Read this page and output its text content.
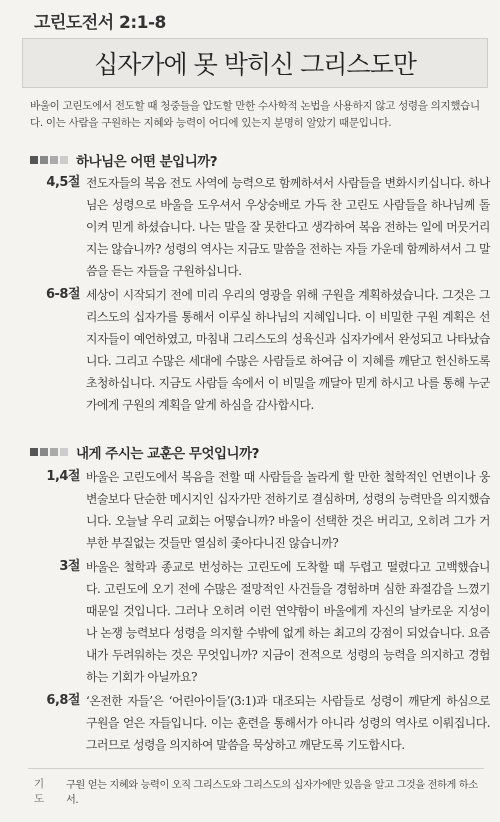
고린도전서 2:1-8
십자가에 못 박히신 그리스도만
바울이 고린도에서 전도할 때 청중들을 압도할 만한 수사학적 논법을 사용하지 않고 성령을 의지했습니다. 이는 사람을 구원하는 지혜와 능력이 어디에 있는지 분명히 알았기 때문입니다.
하나님은 어떤 분입니까?
4,5절 전도자들의 복음 전도 사역에 능력으로 함께하셔서 사람들을 변화시키십니다. 하나님은 성령으로 바울을 도우셔서 우상숭배로 가득 찬 고린도 사람들을 하나님께 돌이켜 믿게 하셨습니다. 나는 말을 잘 못한다고 생각하여 복음 전하는 일에 머뭇거리지는 않습니까? 성령의 역사는 지금도 말씀을 전하는 자들 가운데 함께하셔서 그 말씀을 듣는 자들을 구원하십니다.
6-8절 세상이 시작되기 전에 미리 우리의 영광을 위해 구원을 계획하셨습니다. 그것은 그리스도의 십자가를 통해서 이루실 하나님의 지혜입니다. 이 비밀한 구원 계획은 선지자들이 예언하였고, 마침내 그리스도의 성육신과 십자가에서 완성되고 나타났습니다. 그리고 수많은 세대에 수많은 사람들로 하여금 이 지혜를 깨닫고 헌신하도록 초청하십니다. 지금도 사람들 속에서 이 비밀을 깨달아 믿게 하시고 나를 통해 누군가에게 구원의 계획을 알게 하심을 감사합시다.
내게 주시는 교훈은 무엇입니까?
1,4절 바울은 고린도에서 복음을 전할 때 사람들을 놀라게 할 만한 철학적인 언변이나 웅변술보다 단순한 메시지인 십자가만 전하기로 결심하며, 성령의 능력만을 의지했습니다. 오늘날 우리 교회는 어떻습니까? 바울이 선택한 것은 버리고, 오히려 그가 거부한 부질없는 것들만 열심히 좇아다니진 않습니까?
3절 바울은 철학과 종교로 번성하는 고린도에 도착할 때 두렵고 떨렸다고 고백했습니다. 고린도에 오기 전에 수많은 절망적인 사건들을 경험하며 심한 좌절감을 느꼈기 때문일 것입니다. 그러나 오히려 이런 연약함이 바울에게 자신의 날카로운 지성이나 논쟁 능력보다 성령을 의지할 수밖에 없게 하는 최고의 강점이 되었습니다. 요즘 내가 두려워하는 것은 무엇입니까? 지금이 전적으로 성령의 능력을 의지하고 경험하는 기회가 아닐까요?
6,8절 ‘온전한 자들’은 ‘어린아이들’(3:1)과 대조되는 사람들로 성령이 깨닫게 하심으로 구원을 얻은 자들입니다. 이는 훈련을 통해서가 아니라 성령의 역사로 이뤄집니다. 그러므로 성령을 의지하여 말씀을 묵상하고 깨닫도록 기도합시다.
기도
구원 얻는 지혜와 능력이 오직 그리스도와 그리스도의 십자가에만 있음을 알고 그것을 전하게 하소서.
